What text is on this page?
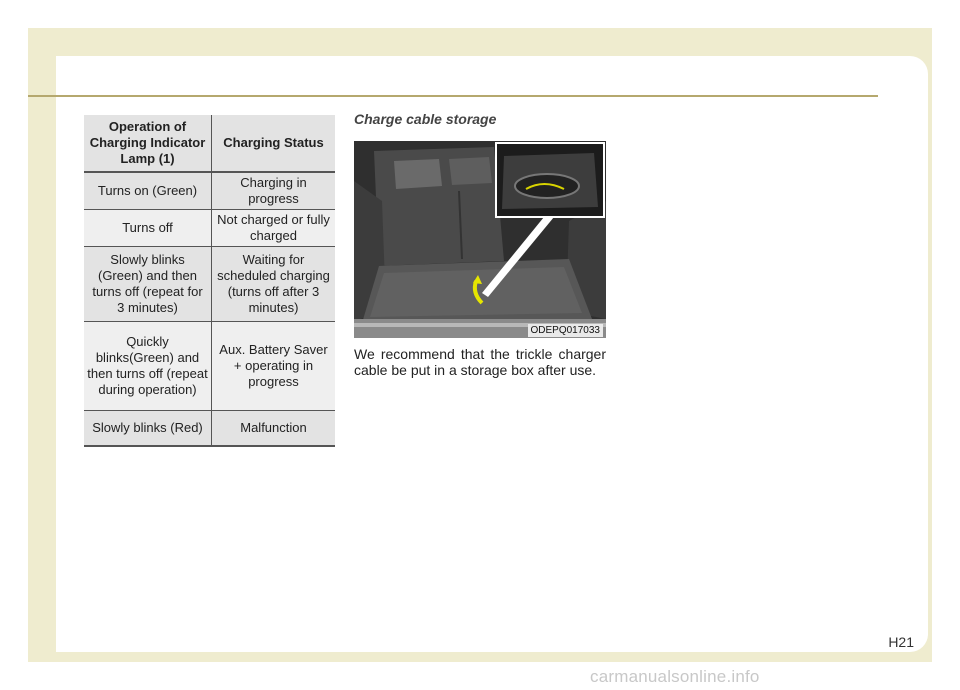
Operation of Charging Indicator Lamp (1)	Charging Status
Turns on (Green)	Charging in progress
Turns off	Not charged or fully charged
Slowly blinks (Green) and then turns off (repeat for 3 minutes)	Waiting for scheduled charging (turns off after 3 minutes)
Quickly blinks(Green) and then turns off (repeat during operation)	Aux. Battery Saver + operating in progress
Slowly blinks (Red)	Malfunction
Charge cable storage
ODEPQ017033

We recommend that the trickle charger cable be put in a storage box after use.

H21
carmanualsonline.info
